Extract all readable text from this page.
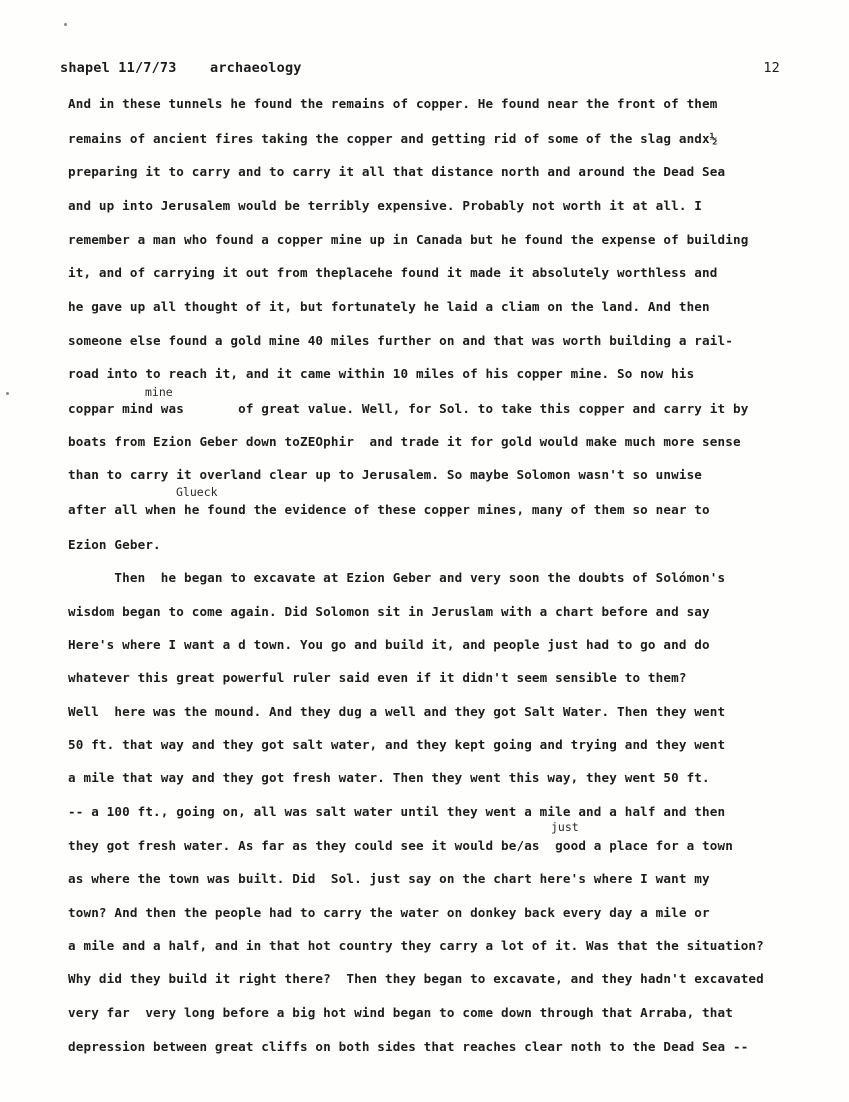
shapel 11/7/73 archaeology	12
And in these tunnels he found the remains of copper. He found near the front of them
remains of ancient fires taking the copper and getting rid of some of the slag andx½
preparing it to carry and to carry it all that distance north and around the Dead Sea
and up into Jerusalem would be terribly expensive. Probably not worth it at all. I
remember a man who found a copper mine up in Canada but he found the expense of building
it, and of carrying it out from theplacehe found it made it absolutely worthless and
he gave up all thought of it, but fortunately he laid a cliam on the land. And then
someone else found a gold mine 40 miles further on and that was worth building a rail-
road into to reach it, and it came within 10 miles of his copper mine. So now his
mine
coppar mind was       of great value. Well, for Sol. to take this copper and carry it by
boats from Ezion Geber down toZEOphir  and trade it for gold would make much more sense
than to carry it overland clear up to Jerusalem. So maybe Solomon wasn't so unwise
Glueck
after all when he found the evidence of these copper mines, many of them so near to
Ezion Geber.
Then  he began to excavate at Ezion Geber and very soon the doubts of Solómon's
wisdom began to come again. Did Solomon sit in Jeruslam with a chart before and say
Here's where I want a d town. You go and build it, and people just had to go and do
whatever this great powerful ruler said even if it didn't seem sensible to them?
Well  here was the mound. And they dug a well and they got Salt Water. Then they went
50 ft. that way and they got salt water, and they kept going and trying and they went
a mile that way and they got fresh water. Then they went this way, they went 50 ft.
-- a 100 ft., going on, all was salt water until they went a mile and a half and then
just
they got fresh water. As far as they could see it would be/as  good a place for a town
as where the town was built. Did  Sol. just say on the chart here's where I want my
town? And then the people had to carry the water on donkey back every day a mile or
a mile and a half, and in that hot country they carry a lot of it. Was that the situation?
Why did they build it right there?  Then they began to excavate, and they hadn't excavated
very far  very long before a big hot wind began to come down through that Arraba, that
depression between great cliffs on both sides that reaches clear noth to the Dead Sea --
